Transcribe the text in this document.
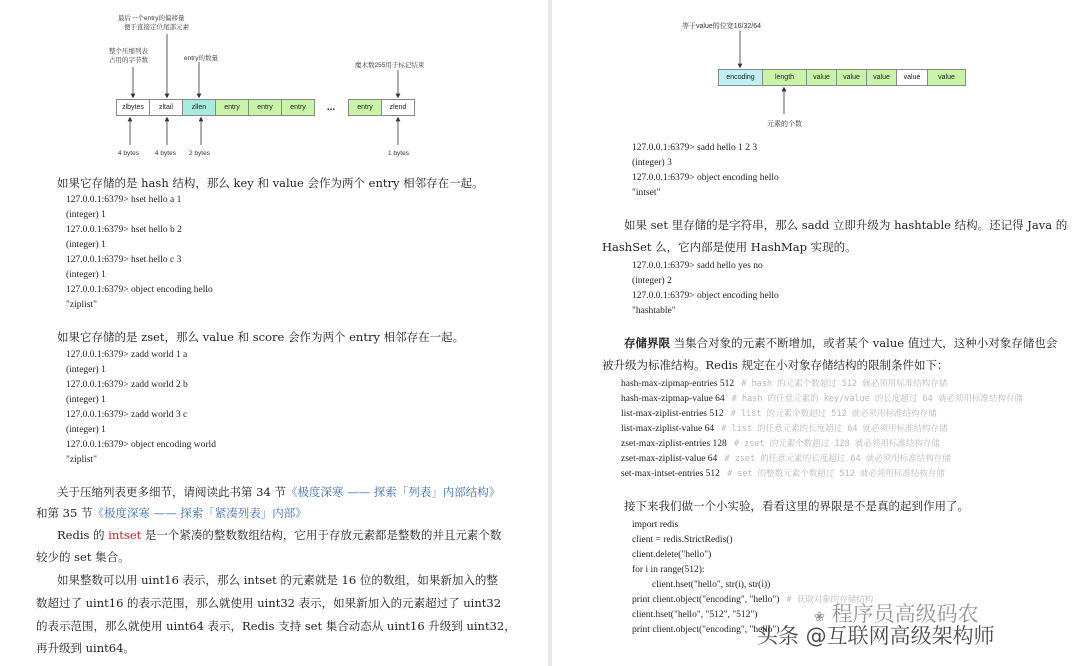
最后一个entry的偏移量
便于直接定位尾部元素
整个压缩列表
占用的字节数	entry的数量
魔术数255用于标记结束
zlbytes	zltail	zllen	entry	entry	entry	...	entry	zlend
4 bytes 4 bytes 2 bytes	1 bytes
如果它存储的是 hash 结构，那么 key 和 value 会作为两个 entry 相邻存在一起。
127.0.0.1:6379> hset hello a 1
(integer) 1
127.0.0.1:6379> hset hello b 2
(integer) 1
127.0.0.1:6379> hset hello c 3
(integer) 1
127.0.0.1:6379> object encoding hello
"ziplist"
如果它存储的是 zset，那么 value 和 score 会作为两个 entry 相邻存在一起。
127.0.0.1:6379> zadd world 1 a
(integer) 1
127.0.0.1:6379> zadd world 2 b
(integer) 1
127.0.0.1:6379> zadd world 3 c
(integer) 1
127.0.0.1:6379> object encoding world
"ziplist"
关于压缩列表更多细节，请阅读此书第 34 节《极度深寒 —— 探索「列表」内部结构》
和第 35 节《极度深寒 —— 探索「紧凑列表」内部》
Redis 的 intset 是一个紧凑的整数数组结构，它用于存放元素都是整数的并且元素个数
较少的 set 集合。
如果整数可以用 uint16 表示，那么 intset 的元素就是 16 位的数组，如果新加入的整
数超过了 uint16 的表示范围，那么就使用 uint32 表示，如果新加入的元素超过了 uint32
的表示范围，那么就使用 uint64 表示，Redis 支持 set 集合动态从 uint16 升级到 uint32，
再升级到 uint64。
等于value的位宽16/32/64
encoding	length	value	value	value	value	value
元素的个数
127.0.0.1:6379> sadd hello 1 2 3
(integer) 3
127.0.0.1:6379> object encoding hello
"intset"
如果 set 里存储的是字符串，那么 sadd 立即升级为 hashtable 结构。还记得 Java 的
HashSet 么，它内部是使用 HashMap 实现的。
127.0.0.1:6379> sadd hello yes no
(integer) 2
127.0.0.1:6379> object encoding hello
"hashtable"
存储界限 当集合对象的元素不断增加，或者某个 value 值过大，这种小对象存储也会
被升级为标准结构。Redis 规定在小对象存储结构的限制条件如下：
hash-max-zipmap-entries 512 # hash 的元素个数超过 512 就必须用标准结构存储
hash-max-zipmap-value 64 # hash 的任意元素的 key/value 的长度超过 64 就必须用标准结构存储
list-max-ziplist-entries 512 # list 的元素个数超过 512 就必须用标准结构存储
list-max-ziplist-value 64 # list 的任意元素的长度超过 64 就必须用标准结构存储
zset-max-ziplist-entries 128 # zset 的元素个数超过 128 就必须用标准结构存储
zset-max-ziplist-value 64 # zset 的任意元素的长度超过 64 就必须用标准结构存储
set-max-intset-entries 512 # set 的整数元素个数超过 512 就必须用标准结构存储
接下来我们做一个小实验，看看这里的界限是不是真的起到作用了。
import redis
client = redis.StrictRedis()
client.delete("hello")
for i in range(512):
client.hset("hello", str(i), str(i))
print client.object("encoding", "hello") # 获取对象的存储结构
client.hset("hello", "512", "512")
print client.object("encoding", "hello")
❀ 程序员高级码农
头条 @互联网高级架构师
